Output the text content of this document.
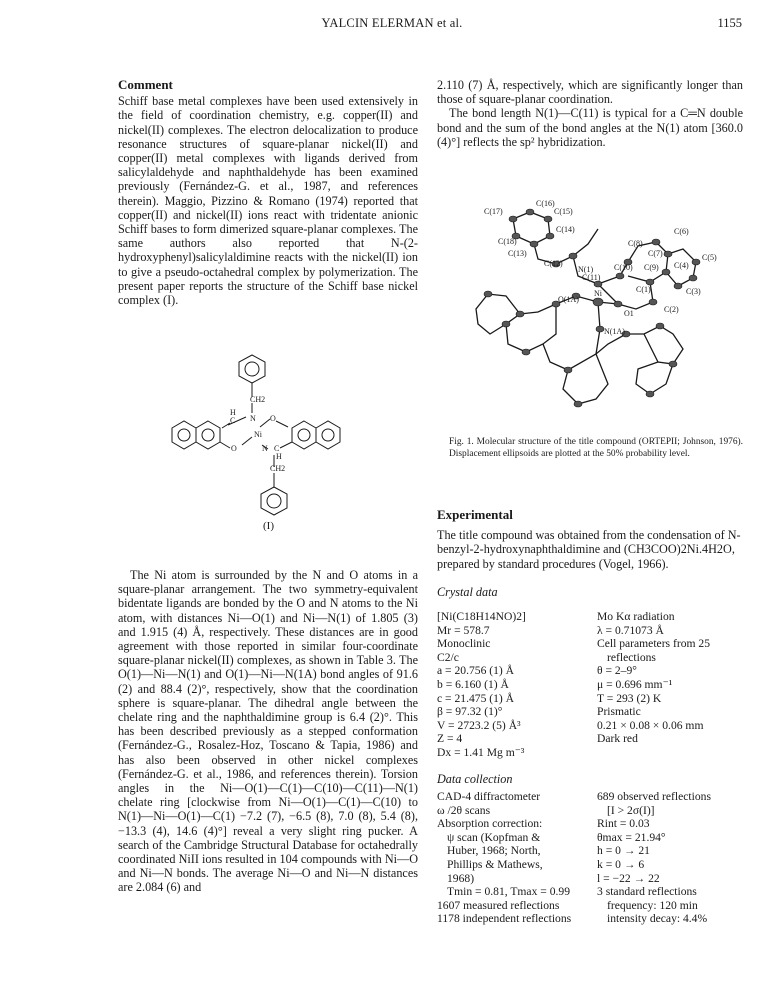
YALCIN ELERMAN et al.	1155
Comment

Schiff base metal complexes have been used extensively in the field of coordination chemistry, e.g. copper(II) and nickel(II) complexes. The electron delocalization to produce resonance structures of square-planar nickel(II) and copper(II) metal complexes with ligands derived from salicylaldehyde and naphthaldehyde has been examined previously (Fernández-G. et al., 1987, and references therein). Maggio, Pizzino & Romano (1974) reported that copper(II) and nickel(II) ions react with tridentate anionic Schiff bases to form dimerized square-planar complexes. The same authors also reported that N-(2-hydroxyphenyl)salicylaldimine reacts with the nickel(II) ion to give a pseudo-octahedral complex by polymerization. The present paper reports the structure of the Schiff base nickel complex (I).

CH2
H
C N
Ni
O
O
N C
H
CH2
(I)

The Ni atom is surrounded by the N and O atoms in a square-planar arrangement. The two symmetry-equivalent bidentate ligands are bonded by the O and N atoms to the Ni atom, with distances Ni—O(1) and Ni—N(1) of 1.805 (3) and 1.915 (4) Å, respectively. These distances are in good agreement with those reported in similar four-coordinate square-planar nickel(II) complexes, as shown in Table 3. The O(1)—Ni—N(1) and O(1)—Ni—N(1A) bond angles of 91.6 (2) and 88.4 (2)°, respectively, show that the coordination sphere is square-planar. The dihedral angle between the chelate ring and the naphthaldimine group is 6.4 (2)°. This has been described previously as a stepped conformation (Fernández-G., Rosalez-Hoz, Toscano & Tapia, 1986) and has also been observed in other nickel complexes (Fernández-G. et al., 1986, and references therein). Torsion angles in the Ni—O(1)—C(1)—C(10)—C(11)—N(1) chelate ring [clockwise from Ni—O(1)—C(1)—C(10) to N(1)—Ni—O(1)—C(1) −7.2 (7), −6.5 (8), 7.0 (8), 5.4 (8), −13.3 (4), 14.6 (4)°] reveal a very slight ring pucker. A search of the Cambridge Structural Database for octahedrally coordinated NiII ions resulted in 104 compounds with Ni—O and Ni—N bonds. The average Ni—O and Ni—N distances are 2.084 (6) and

2.110 (7) Å, respectively, which are significantly longer than those of square-planar coordination.

The bond length N(1)—C(11) is typical for a C═N double bond and the sum of the bond angles at the N(1) atom [360.0 (4)°] reflects the sp² hybridization.

C(16)
C(17)	C(15)
C(14)
C(18)
C(13)
C(12)
N(1)
C(11)
C(10)
C(8)
C(6)
C(7)
C(9)
C(5)
C(4)
C(1)	C(3)
C(2)
O(1A)
Ni
O1
N(1A)
Fig. 1. Molecular structure of the title compound (ORTEPII; Johnson, 1976). Displacement ellipsoids are plotted at the 50% probability level.
Experimental

The title compound was obtained from the condensation of N-benzyl-2-hydroxynaphthaldimine and (CH3COO)2Ni.4H2O, prepared by standard procedures (Vogel, 1966).

Crystal data
[Ni(C18H14NO)2]
Mr = 578.7
Monoclinic
C2/c
a = 20.756 (1) Å
b = 6.160 (1) Å
c = 21.475 (1) Å
β = 97.32 (1)°
V = 2723.2 (5) Å³
Z = 4
Dx = 1.41 Mg m⁻³
Mo Kα radiation
λ = 0.71073 Å
Cell parameters from 25
reflections
θ = 2–9°
μ = 0.696 mm⁻¹
T = 293 (2) K
Prismatic
0.21 × 0.08 × 0.06 mm
Dark red
Data collection
CAD-4 diffractometer
ω /2θ scans
Absorption correction:
ψ scan (Kopfman &
Huber, 1968; North,
Phillips & Mathews,
1968)
Tmin = 0.81, Tmax = 0.99
1607 measured reflections
1178 independent reflections
689 observed reflections
[I > 2σ(I)]
Rint = 0.03
θmax = 21.94°
h = 0 → 21
k = 0 → 6
l = −22 → 22
3 standard reflections
frequency: 120 min
intensity decay: 4.4%
